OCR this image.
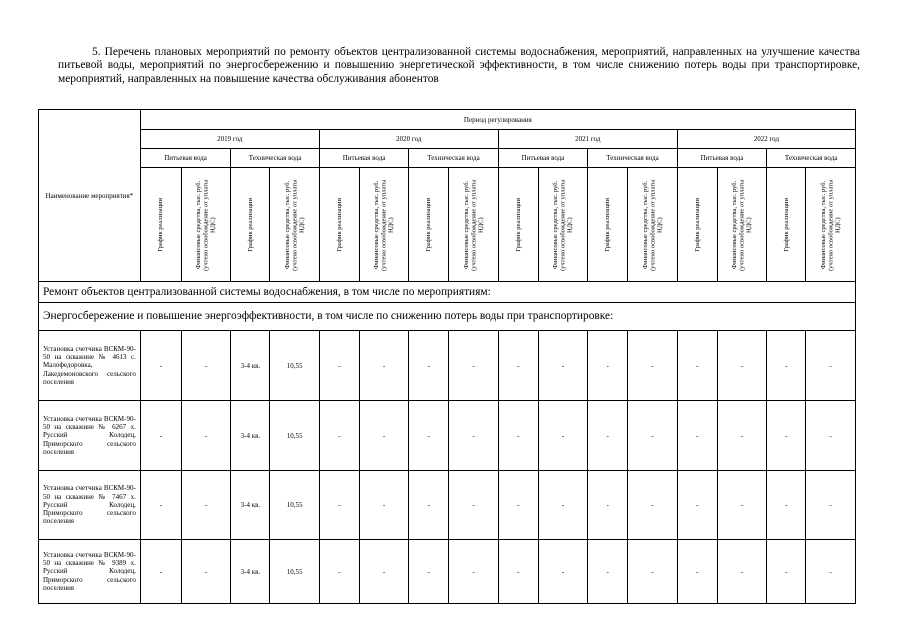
5. Перечень плановых мероприятий по ремонту объектов централизованной системы водоснабжения, мероприятий, направленных на улучшение качества питьевой воды, мероприятий по энергосбережению и повышению энергетической эффективности, в том числе снижению потерь воды при транспортировке, мероприятий, направленных на повышение качества обслуживания абонентов

Наименование мероприятия*	Период регулирования															
	2019 год				2020 год				2021 год				2022 год			
	Питьевая вода		Техническая вода		Питьевая вода		Техническая вода		Питьевая вода		Техническая вода		Питьевая вода		Техническая вода	

	График реализации	Финансовые средства, тыс. руб. (учтено освобождение от уплаты НДС)	График реализации	Финансовые средства, тыс. руб. (учтено освобождение от уплаты НДС)	График реализации	Финансовые средства, тыс. руб. (учтено освобождение от уплаты НДС)	График реализации	Финансовые средства, тыс. руб. (учтено освобождение от уплаты НДС)	График реализации	Финансовые средства, тыс. руб. (учтено освобождение от уплаты НДС)	График реализации	Финансовые средства, тыс. руб. (учтено освобождение от уплаты НДС)	График реализации	Финансовые средства, тыс. руб. (учтено освобождение от уплаты НДС)	График реализации	Финансовые средства, тыс. руб. (учтено освобождение от уплаты НДС)

Ремонт объектов централизованной системы водоснабжения, в том числе по мероприятиям:																
Энергосбережение и повышение энергоэффективности, в том числе по снижению потерь воды при транспортировке:																

Установка счетчика ВСКМ-90-50 на скважине № 4613 с. Малофедоровка, Лакедемоновского сельского поселения	-	-	3-4 кв.	10,55	-	-	-	-	-	-	-	-	-	-	-	-

Установка счетчика ВСКМ-90-50 на скважине № 6267 х. Русский Колодец, Приморского сельского поселения	-	-	3-4 кв.	10,55	-	-	-	-	-	-	-	-	-	-	-	-

Установка счетчика ВСКМ-90-50 на скважине № 7467 х. Русский Колодец, Приморского сельского поселения	-	-	3-4 кв.	10,55	-	-	-	-	-	-	-	-	-	-	-	-

Установка счетчика ВСКМ-90-50 на скважине № 9389 х. Русский Колодец, Приморского сельского поселения	-	-	3-4 кв.	10,55	-	-	-	-	-	-	-	-	-	-	-	-
